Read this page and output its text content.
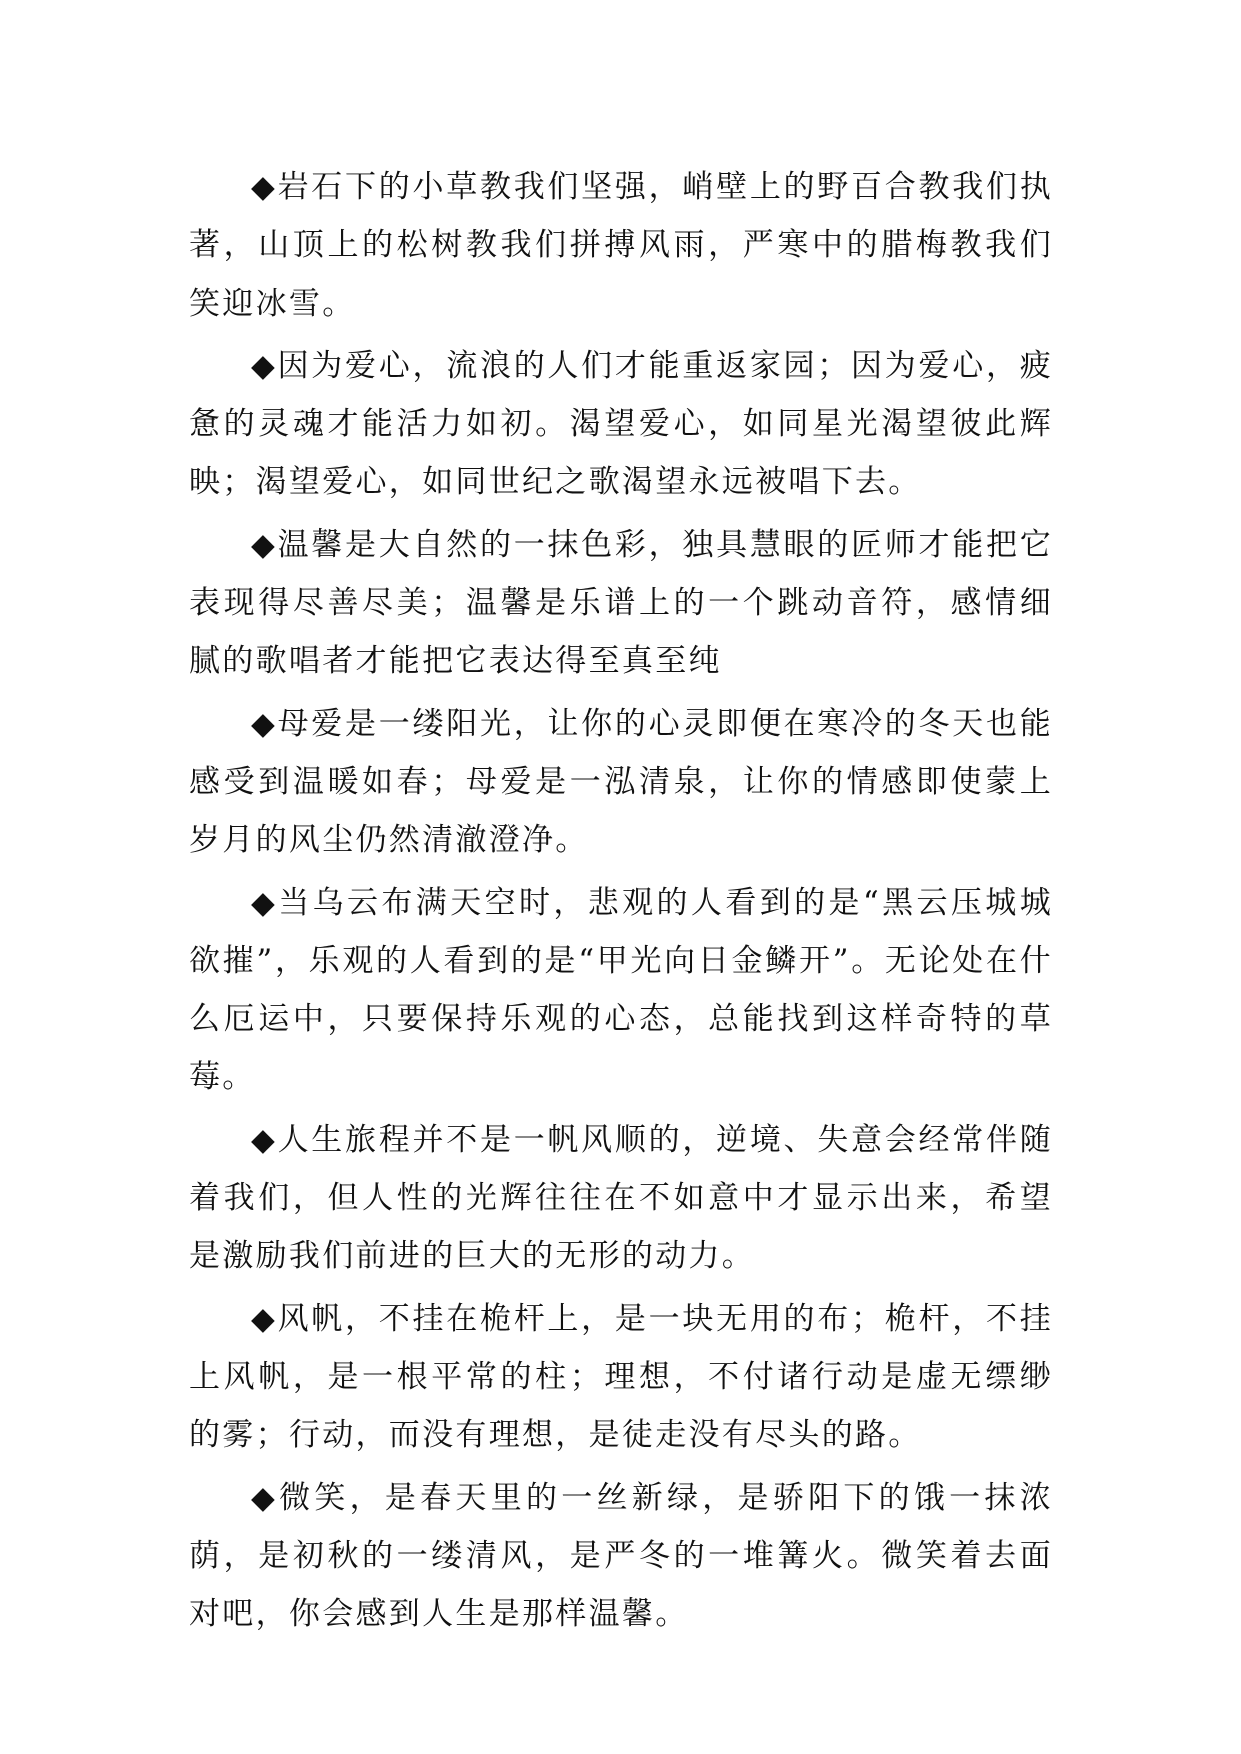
◆岩石下的小草教我们坚强，峭壁上的野百合教我们执著，山顶上的松树教我们拼搏风雨，严寒中的腊梅教我们笑迎冰雪。

◆因为爱心，流浪的人们才能重返家园；因为爱心，疲惫的灵魂才能活力如初。渴望爱心，如同星光渴望彼此辉映；渴望爱心，如同世纪之歌渴望永远被唱下去。

◆温馨是大自然的一抹色彩，独具慧眼的匠师才能把它表现得尽善尽美；温馨是乐谱上的一个跳动音符，感情细腻的歌唱者才能把它表达得至真至纯

◆母爱是一缕阳光，让你的心灵即便在寒冷的冬天也能感受到温暖如春；母爱是一泓清泉，让你的情感即使蒙上岁月的风尘仍然清澈澄净。

◆当乌云布满天空时，悲观的人看到的是“黑云压城城欲摧”，乐观的人看到的是“甲光向日金鳞开”。无论处在什么厄运中，只要保持乐观的心态，总能找到这样奇特的草莓。

◆人生旅程并不是一帆风顺的，逆境、失意会经常伴随着我们，但人性的光辉往往在不如意中才显示出来，希望是激励我们前进的巨大的无形的动力。

◆风帆，不挂在桅杆上，是一块无用的布；桅杆，不挂上风帆，是一根平常的柱；理想，不付诸行动是虚无缥缈的雾；行动，而没有理想，是徒走没有尽头的路。

◆微笑，是春天里的一丝新绿，是骄阳下的饿一抹浓荫，是初秋的一缕清风，是严冬的一堆篝火。微笑着去面对吧，你会感到人生是那样温馨。
